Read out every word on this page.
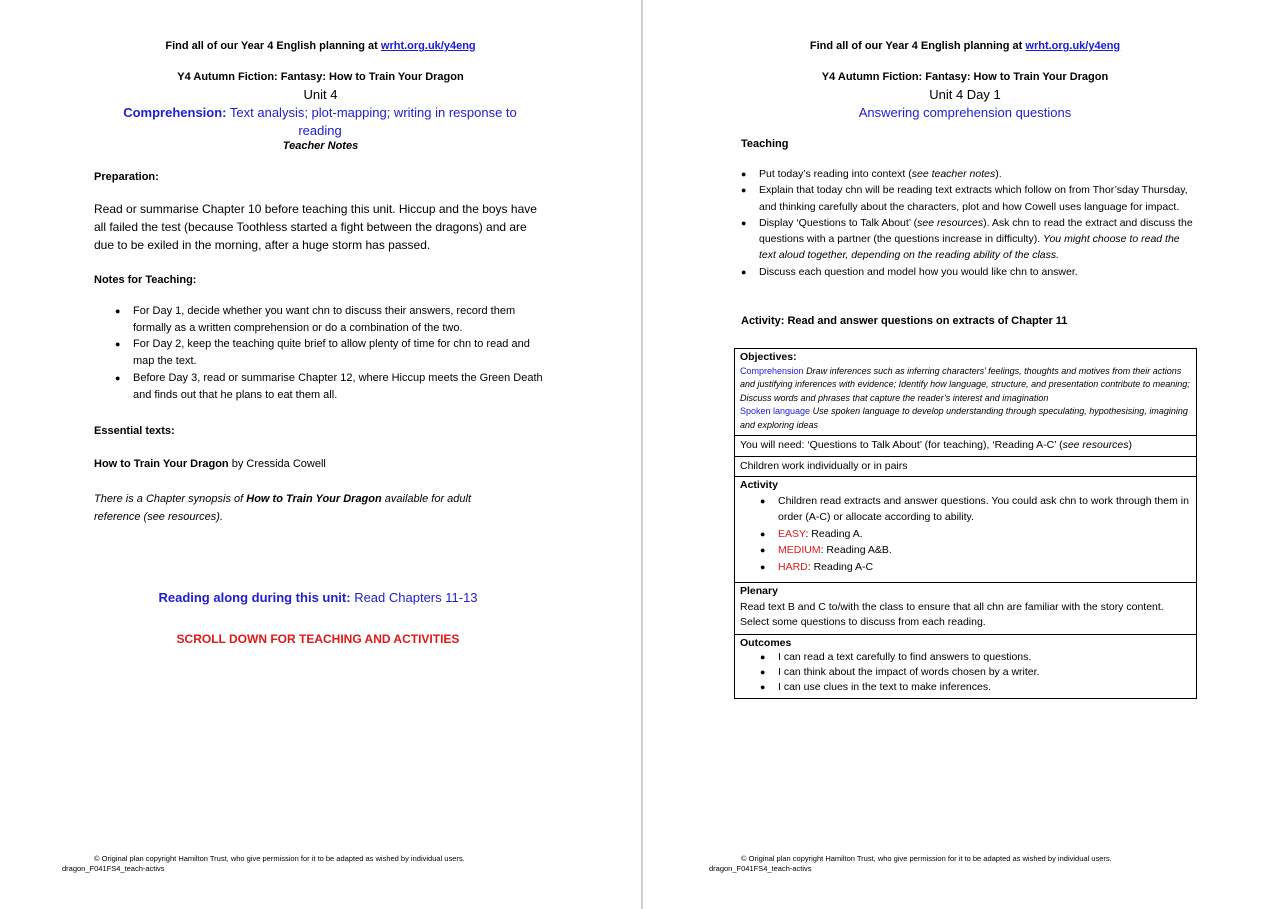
Find all of our Year 4 English planning at wrht.org.uk/y4eng
Y4 Autumn Fiction: Fantasy: How to Train Your Dragon
Unit 4
Comprehension: Text analysis; plot-mapping; writing in response to reading
Teacher Notes
Preparation:
Read or summarise Chapter 10 before teaching this unit. Hiccup and the boys have all failed the test (because Toothless started a fight between the dragons) and are due to be exiled in the morning, after a huge storm has passed.
Notes for Teaching:
● For Day 1, decide whether you want chn to discuss their answers, record them formally as a written comprehension or do a combination of the two.
● For Day 2, keep the teaching quite brief to allow plenty of time for chn to read and map the text.
● Before Day 3, read or summarise Chapter 12, where Hiccup meets the Green Death and finds out that he plans to eat them all.
Essential texts:
How to Train Your Dragon by Cressida Cowell
There is a Chapter synopsis of How to Train Your Dragon available for adult reference (see resources).
Reading along during this unit: Read Chapters 11-13
SCROLL DOWN FOR TEACHING AND ACTIVITIES
© Original plan copyright Hamilton Trust, who give permission for it to be adapted as wished by individual users.
dragon_F041FS4_teach-activs
Find all of our Year 4 English planning at wrht.org.uk/y4eng
Y4 Autumn Fiction: Fantasy: How to Train Your Dragon
Unit 4 Day 1
Answering comprehension questions
Teaching
● Put today’s reading into context (see teacher notes).
● Explain that today chn will be reading text extracts which follow on from Thor’sday Thursday, and thinking carefully about the characters, plot and how Cowell uses language for impact.
● Display ‘Questions to Talk About’ (see resources). Ask chn to read the extract and discuss the questions with a partner (the questions increase in difficulty). You might choose to read the text aloud together, depending on the reading ability of the class.
● Discuss each question and model how you would like chn to answer.
Activity: Read and answer questions on extracts of Chapter 11
Objectives:
Comprehension Draw inferences such as inferring characters’ feelings, thoughts and motives from their actions and justifying inferences with evidence; Identify how language, structure, and presentation contribute to meaning; Discuss words and phrases that capture the reader’s interest and imagination
Spoken language Use spoken language to develop understanding through speculating, hypothesising, imagining and exploring ideas

You will need: ‘Questions to Talk About’ (for teaching), ‘Reading A-C’ (see resources)
Children work individually or in pairs

Activity
● Children read extracts and answer questions. You could ask chn to work through them in order (A-C) or allocate according to ability.
● EASY: Reading A.
● MEDIUM: Reading A&B.
● HARD: Reading A-C

Plenary
Read text B and C to/with the class to ensure that all chn are familiar with the story content. Select some questions to discuss from each reading.

Outcomes
● I can read a text carefully to find answers to questions.
● I can think about the impact of words chosen by a writer.
● I can use clues in the text to make inferences.
© Original plan copyright Hamilton Trust, who give permission for it to be adapted as wished by individual users.
dragon_F041FS4_teach-activs
